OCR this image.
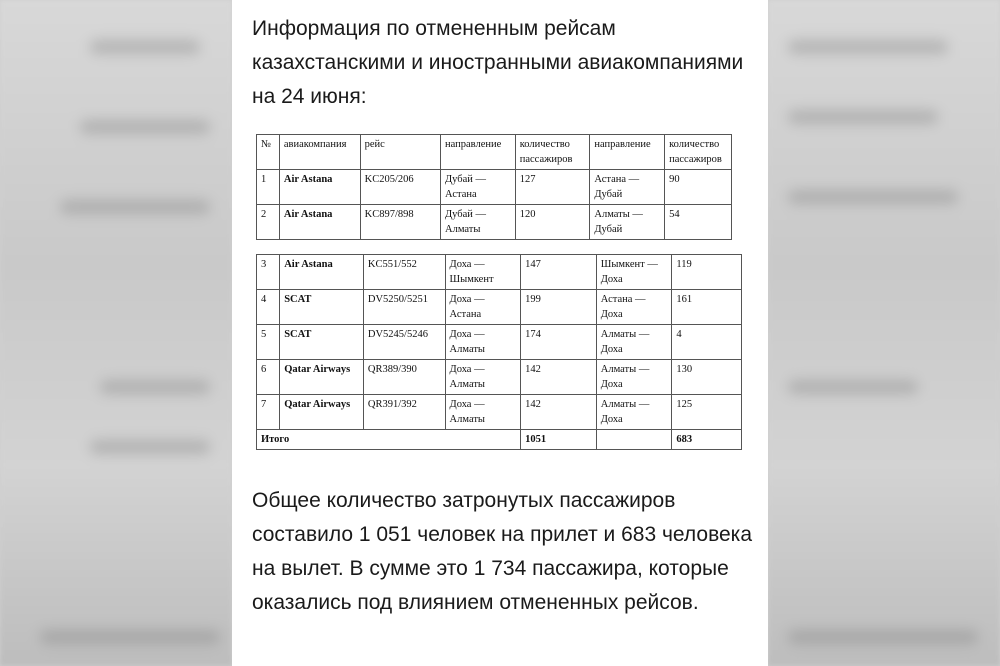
Информация по отмененным рейсам казахстанскими и иностранными авиакомпаниями на 24 июня:
№	авиакомпания	рейс	направление	количество пассажиров	направление	количество пассажиров
1	Air Astana	KC205/206	Дубай — Астана	127	Астана — Дубай	90
2	Air Astana	KC897/898	Дубай — Алматы	120	Алматы — Дубай	54
3	Air Astana	KC551/552	Доха — Шымкент	147	Шымкент — Доха	119
4	SCAT	DV5250/5251	Доха — Астана	199	Астана — Доха	161
5	SCAT	DV5245/5246	Доха — Алматы	174	Алматы — Доха	4
6	Qatar Airways	QR389/390	Доха — Алматы	142	Алматы — Доха	130
7	Qatar Airways	QR391/392	Доха — Алматы	142	Алматы — Доха	125
Итого				1051		683
Общее количество затронутых пассажиров составило 1 051 человек на прилет и 683 человека на вылет. В сумме это 1 734 пассажира, которые оказались под влиянием отмененных рейсов.
